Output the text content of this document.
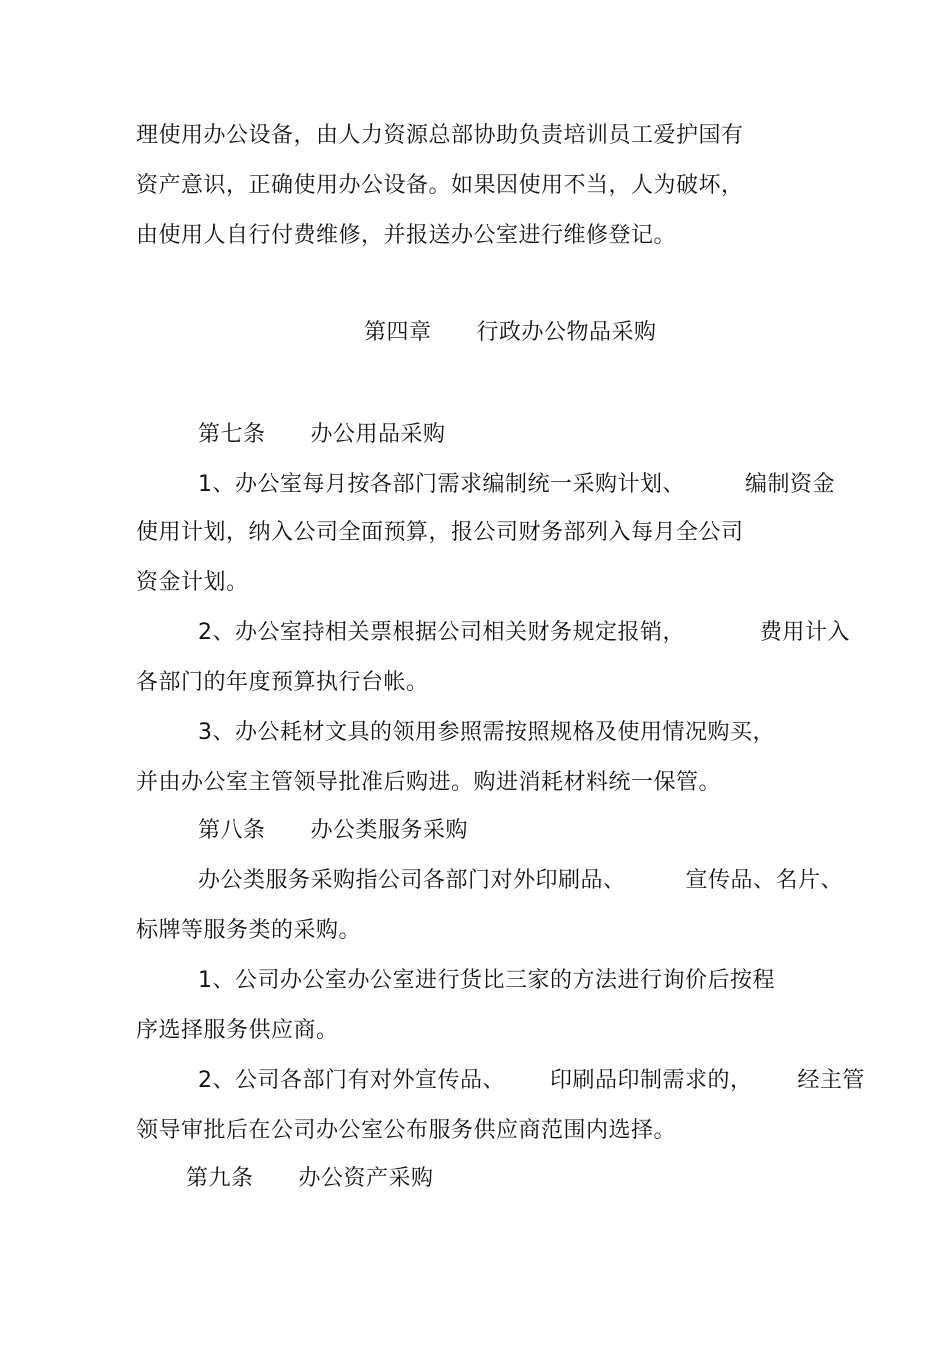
理使用办公设备，由人力资源总部协助负责培训员工爱护国有
资产意识，正确使用办公设备。如果因使用不当，人为破坏，
由使用人自行付费维修，并报送办公室进行维修登记。
第四章      行政办公物品采购
第七条      办公用品采购
1、办公室每月按各部门需求编制统一采购计划、        编制资金
使用计划，纳入公司全面预算，报公司财务部列入每月全公司
资金计划。
2、办公室持相关票根据公司相关财务规定报销，          费用计入
各部门的年度预算执行台帐。
3、办公耗材文具的领用参照需按照规格及使用情况购买，
并由办公室主管领导批准后购进。购进消耗材料统一保管。
第八条      办公类服务采购
办公类服务采购指公司各部门对外印刷品、        宣传品、名片、
标牌等服务类的采购。
1、公司办公室办公室进行货比三家的方法进行询价后按程
序选择服务供应商。
2、公司各部门有对外宣传品、      印刷品印制需求的，      经主管
领导审批后在公司办公室公布服务供应商范围内选择。
第九条      办公资产采购
